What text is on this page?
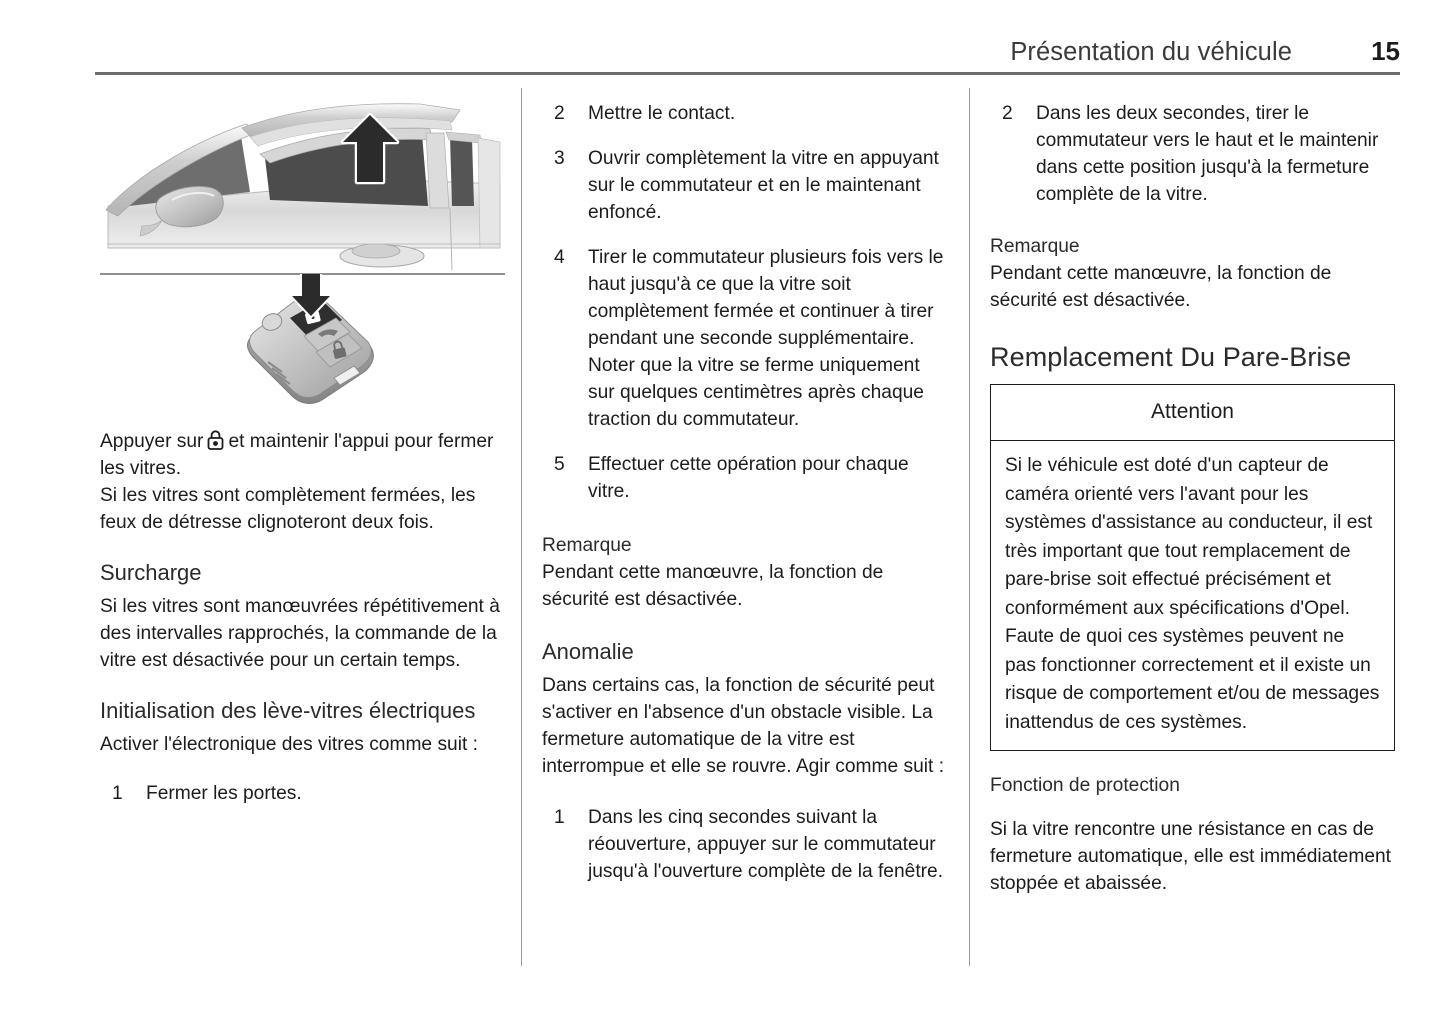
Présentation du véhicule	15

Appuyer sur et maintenir l'appui pour fermer les vitres.

Si les vitres sont complètement fermées, les feux de détresse clignoteront deux fois.

Surcharge

Si les vitres sont manœuvrées répétitivement à des intervalles rapprochés, la commande de la vitre est désactivée pour un certain temps.

Initialisation des lève-vitres électriques

Activer l'électronique des vitres comme suit :

1	Fermer les portes.
2	Mettre le contact.
3	Ouvrir complètement la vitre en appuyant sur le commutateur et en le maintenant enfoncé.
4	Tirer le commutateur plusieurs fois vers le haut jusqu'à ce que la vitre soit complètement fermée et continuer à tirer pendant une seconde supplémentaire. Noter que la vitre se ferme uniquement sur quelques centimètres après chaque traction du commutateur.
5	Effectuer cette opération pour chaque vitre.

Remarque

Pendant cette manœuvre, la fonction de sécurité est désactivée.

Anomalie

Dans certains cas, la fonction de sécurité peut s'activer en l'absence d'un obstacle visible. La fermeture automatique de la vitre est interrompue et elle se rouvre. Agir comme suit :

1	Dans les cinq secondes suivant la réouverture, appuyer sur le commutateur jusqu'à l'ouverture complète de la fenêtre.
2	Dans les deux secondes, tirer le commutateur vers le haut et le maintenir dans cette position jusqu'à la fermeture complète de la vitre.

Remarque

Pendant cette manœuvre, la fonction de sécurité est désactivée.

Remplacement Du Pare-Brise
Attention
Si le véhicule est doté d'un capteur de caméra orienté vers l'avant pour les systèmes d'assistance au conducteur, il est très important que tout remplacement de pare-brise soit effectué précisément et conformément aux spécifications d'Opel. Faute de quoi ces systèmes peuvent ne pas fonctionner correctement et il existe un risque de comportement et/ou de messages inattendus de ces systèmes.
Fonction de protection

Si la vitre rencontre une résistance en cas de fermeture automatique, elle est immédiatement stoppée et abaissée.
